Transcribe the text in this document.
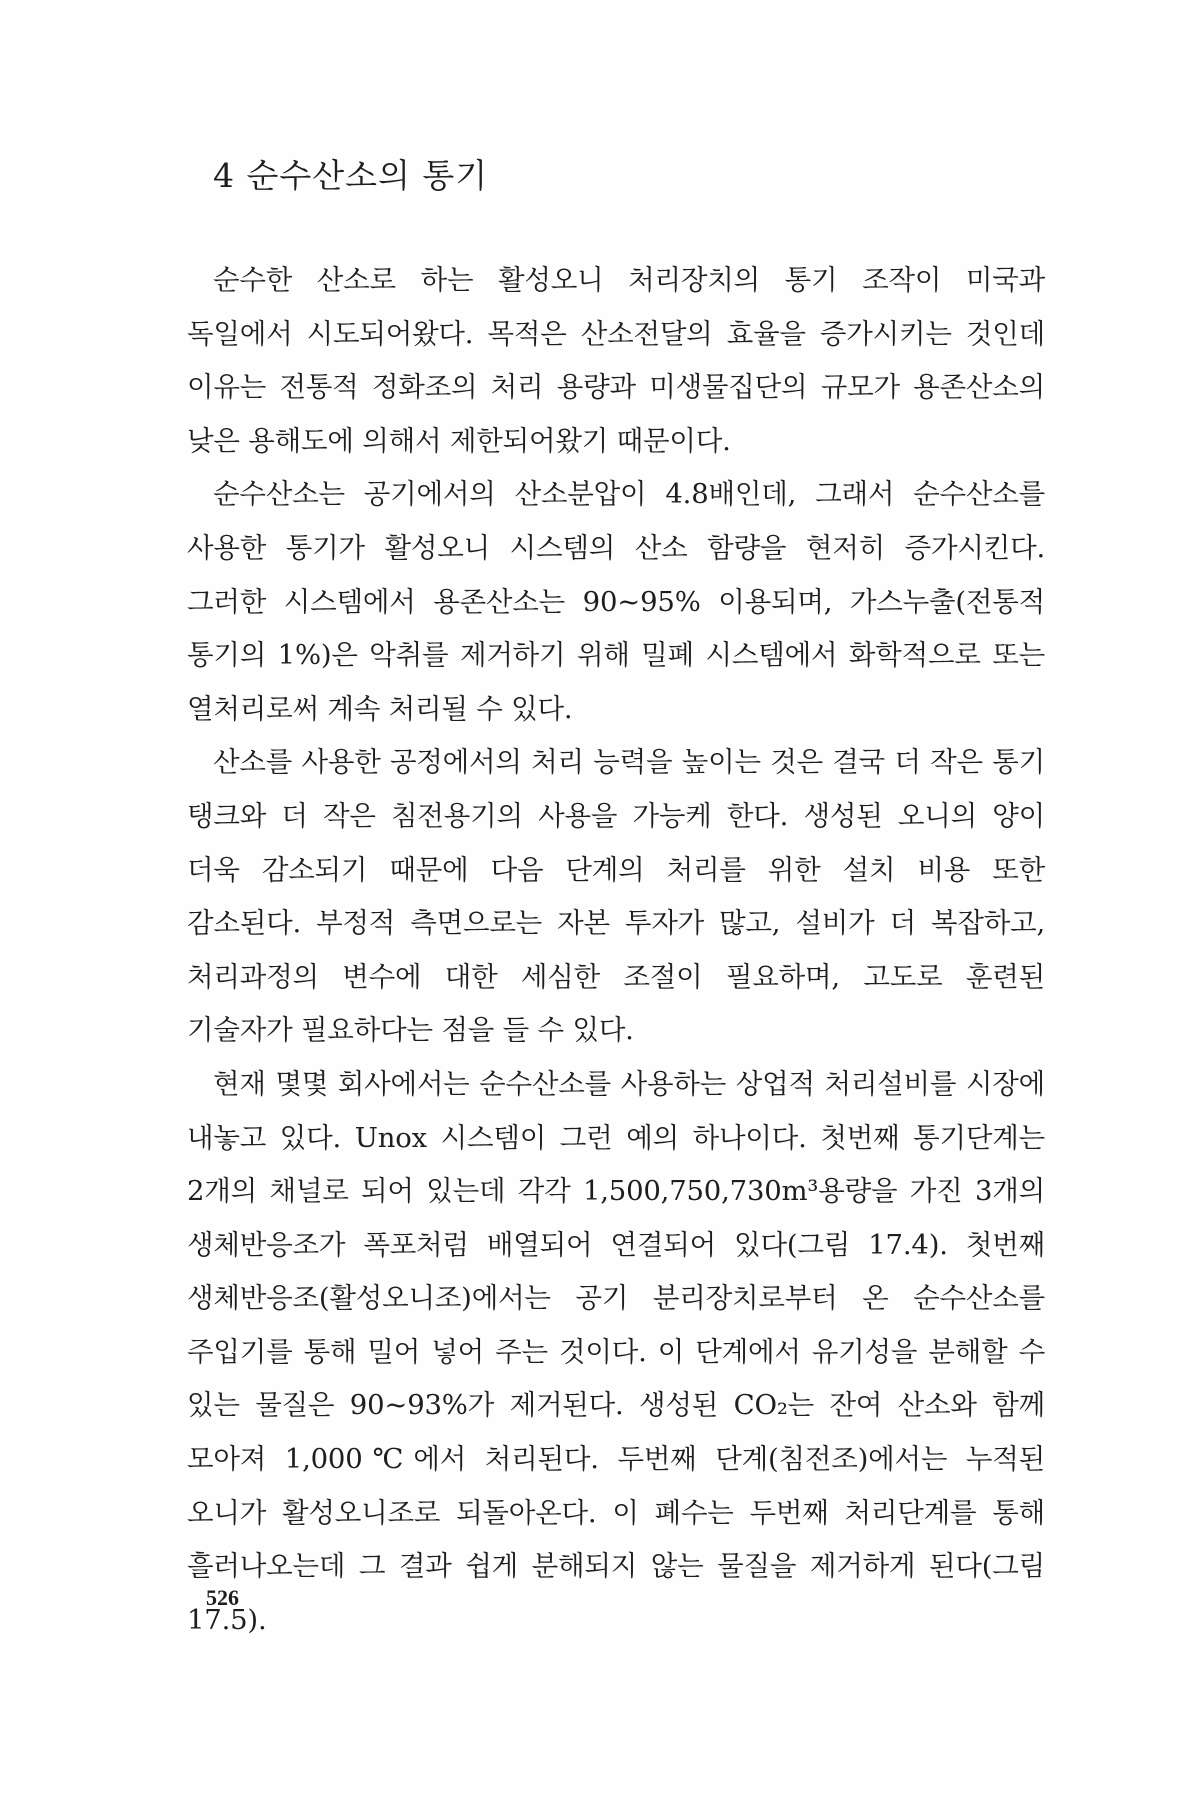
4 순수산소의 통기

순수한 산소로 하는 활성오니 처리장치의 통기 조작이 미국과 독일에서 시도되어왔다. 목적은 산소전달의 효율을 증가시키는 것인데 이유는 전통적 정화조의 처리 용량과 미생물집단의 규모가 용존산소의 낮은 용해도에 의해서 제한되어왔기 때문이다.

순수산소는 공기에서의 산소분압이 4.8배인데, 그래서 순수산소를 사용한 통기가 활성오니 시스템의 산소 함량을 현저히 증가시킨다. 그러한 시스템에서 용존산소는 90~95% 이용되며, 가스누출(전통적 통기의 1%)은 악취를 제거하기 위해 밀폐 시스템에서 화학적으로 또는 열처리로써 계속 처리될 수 있다.

산소를 사용한 공정에서의 처리 능력을 높이는 것은 결국 더 작은 통기 탱크와 더 작은 침전용기의 사용을 가능케 한다. 생성된 오니의 양이 더욱 감소되기 때문에 다음 단계의 처리를 위한 설치 비용 또한 감소된다. 부정적 측면으로는 자본 투자가 많고, 설비가 더 복잡하고, 처리과정의 변수에 대한 세심한 조절이 필요하며, 고도로 훈련된 기술자가 필요하다는 점을 들 수 있다.

현재 몇몇 회사에서는 순수산소를 사용하는 상업적 처리설비를 시장에 내놓고 있다. Unox 시스템이 그런 예의 하나이다. 첫번째 통기단계는 2개의 채널로 되어 있는데 각각 1,500,750,730m³용량을 가진 3개의 생체반응조가 폭포처럼 배열되어 연결되어 있다(그림 17.4). 첫번째 생체반응조(활성오니조)에서는 공기 분리장치로부터 온 순수산소를 주입기를 통해 밀어 넣어 주는 것이다. 이 단계에서 유기성을 분해할 수 있는 물질은 90~93%가 제거된다. 생성된 CO₂는 잔여 산소와 함께 모아져 1,000℃에서 처리된다. 두번째 단계(침전조)에서는 누적된 오니가 활성오니조로 되돌아온다. 이 폐수는 두번째 처리단계를 통해 흘러나오는데 그 결과 쉽게 분해되지 않는 물질을 제거하게 된다(그림 17.5).

526
